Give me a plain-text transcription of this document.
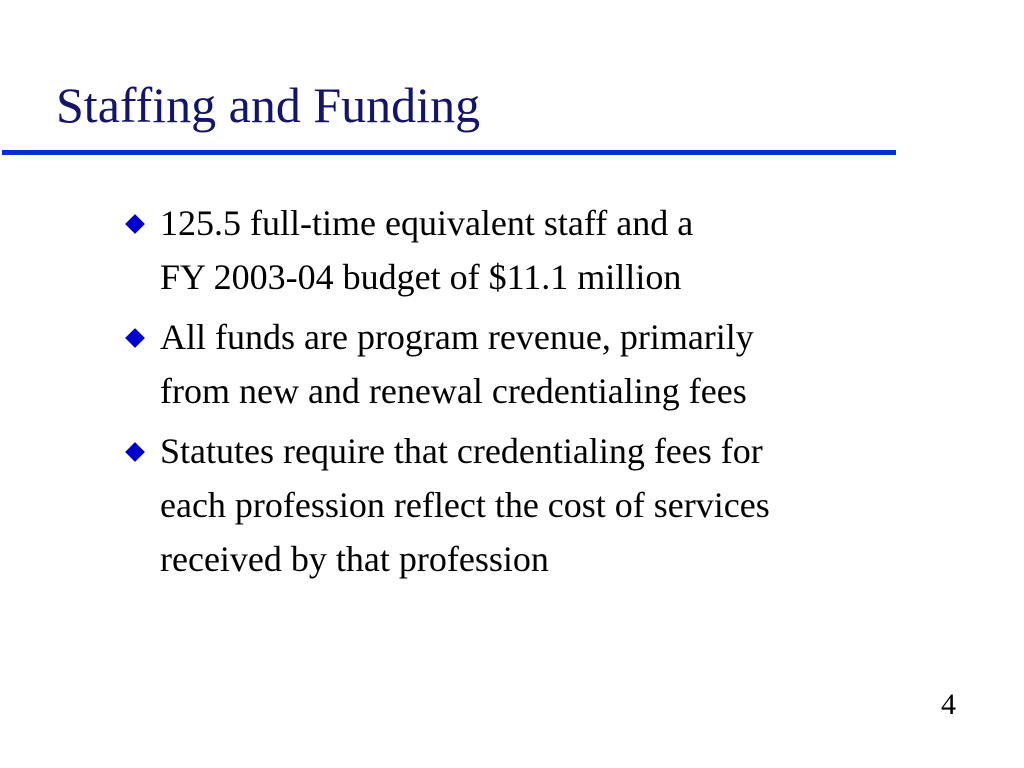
Staffing and Funding
125.5 full-time equivalent staff and a
FY 2003-04 budget of $11.1 million
All funds are program revenue, primarily
from new and renewal credentialing fees
Statutes require that credentialing fees for
each profession reflect the cost of services
received by that profession
4
